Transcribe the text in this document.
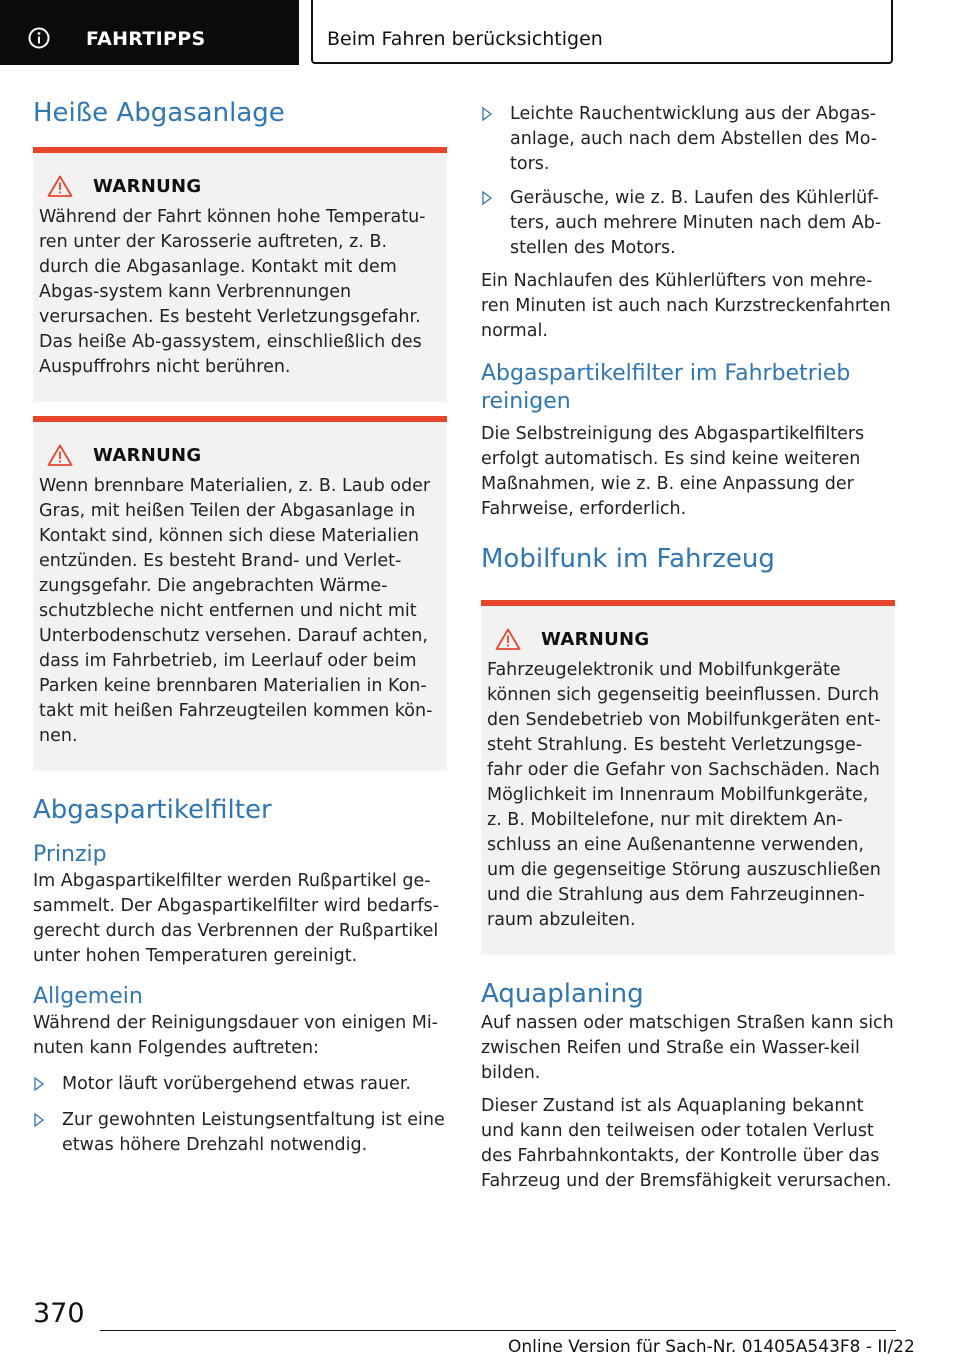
FAHRTIPPS	Beim Fahren berücksichtigen
Heiße Abgasanlage
WARNUNG

Während der Fahrt können hohe Temperatu-ren unter der Karosserie auftreten, z. B. durch die Abgasanlage. Kontakt mit dem Abgas-system kann Verbrennungen verursachen. Es besteht Verletzungsgefahr. Das heiße Ab-gassystem, einschließlich des Auspuffrohrs nicht berühren.

WARNUNG

Wenn brennbare Materialien, z. B. Laub oder Gras, mit heißen Teilen der Abgasanlage in Kontakt sind, können sich diese Materialien entzünden. Es besteht Brand- und Verlet-zungsgefahr. Die angebrachten Wärme-schutzbleche nicht entfernen und nicht mit Unterbodenschutz versehen. Darauf achten, dass im Fahrbetrieb, im Leerlauf oder beim Parken keine brennbaren Materialien in Kon-takt mit heißen Fahrzeugteilen kommen kön-nen.

Abgaspartikelfilter
Prinzip

Im Abgaspartikelfilter werden Rußpartikel ge-sammelt. Der Abgaspartikelfilter wird bedarfs-gerecht durch das Verbrennen der Rußpartikel unter hohen Temperaturen gereinigt.

Allgemein

Während der Reinigungsdauer von einigen Mi-nuten kann Folgendes auftreten:

Motor läuft vorübergehend etwas rauer.
Zur gewohnten Leistungsentfaltung ist eine etwas höhere Drehzahl notwendig.
Leichte Rauchentwicklung aus der Abgas-anlage, auch nach dem Abstellen des Mo-tors.
Geräusche, wie z. B. Laufen des Kühlerlüf-ters, auch mehrere Minuten nach dem Ab-stellen des Motors.

Ein Nachlaufen des Kühlerlüfters von mehre-ren Minuten ist auch nach Kurzstreckenfahrten normal.

Abgaspartikelfilter im Fahrbetrieb reinigen

Die Selbstreinigung des Abgaspartikelfilters erfolgt automatisch. Es sind keine weiteren Maßnahmen, wie z. B. eine Anpassung der Fahrweise, erforderlich.

Mobilfunk im Fahrzeug
WARNUNG

Fahrzeugelektronik und Mobilfunkgeräte können sich gegenseitig beeinflussen. Durch den Sendebetrieb von Mobilfunkgeräten ent-steht Strahlung. Es besteht Verletzungsge-fahr oder die Gefahr von Sachschäden. Nach Möglichkeit im Innenraum Mobilfunkgeräte, z. B. Mobiltelefone, nur mit direktem An-schluss an eine Außenantenne verwenden, um die gegenseitige Störung auszuschließen und die Strahlung aus dem Fahrzeuginnen-raum abzuleiten.

Aquaplaning

Auf nassen oder matschigen Straßen kann sich zwischen Reifen und Straße ein Wasser-keil bilden.

Dieser Zustand ist als Aquaplaning bekannt und kann den teilweisen oder totalen Verlust des Fahrbahnkontakts, der Kontrolle über das Fahrzeug und der Bremsfähigkeit verursachen.

370
Online Version für Sach-Nr. 01405A543F8 - II/22
